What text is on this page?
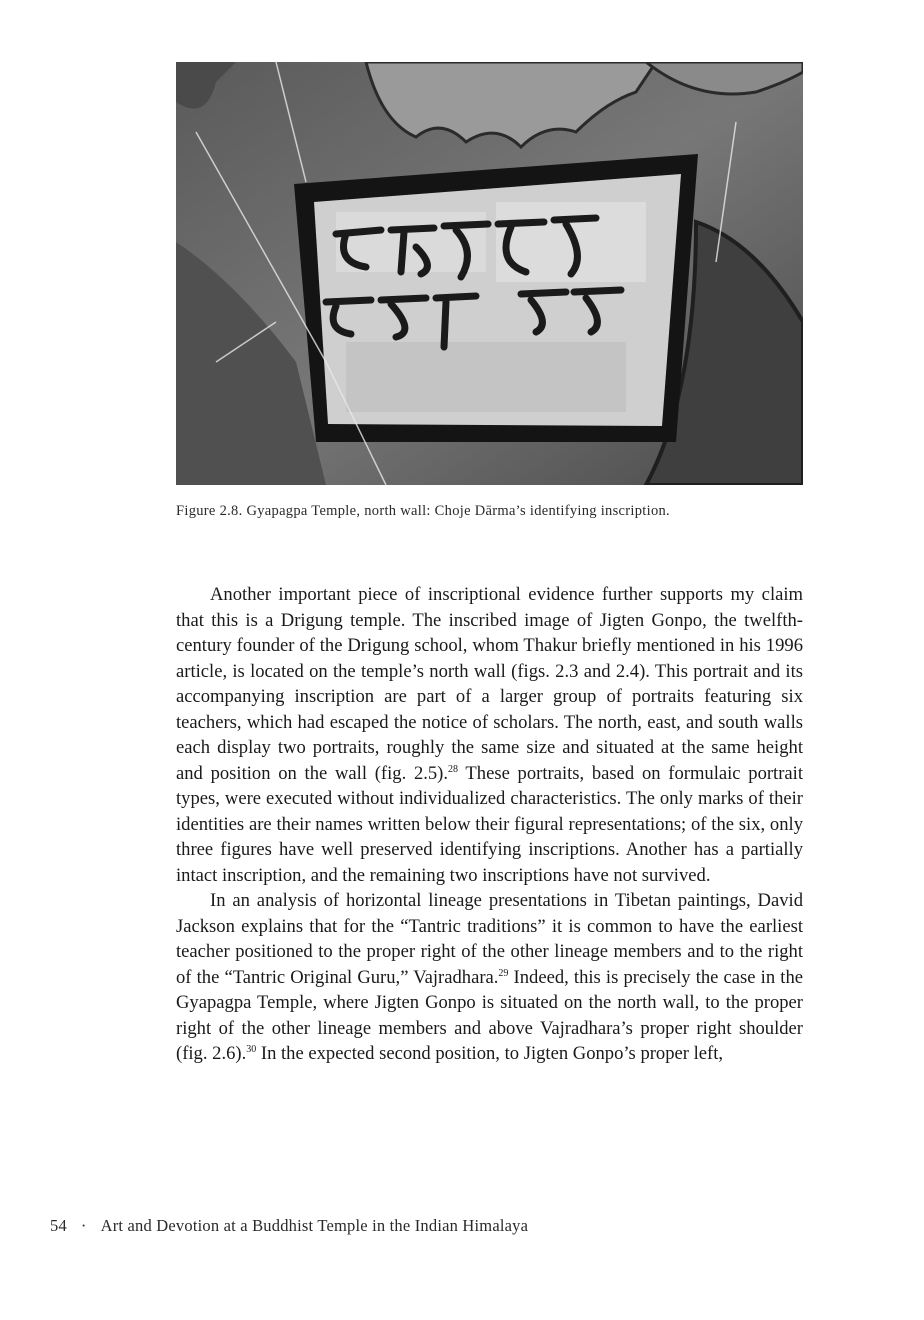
Figure 2.8. Gyapagpa Temple, north wall: Choje Dārma’s identifying inscription.

Another important piece of inscriptional evidence further supports my claim that this is a Drigung temple. The inscribed image of Jigten Gonpo, the twelfth-century founder of the Drigung school, whom Thakur briefly mentioned in his 1996 article, is located on the temple’s north wall (figs. 2.3 and 2.4). This portrait and its accompanying inscription are part of a larger group of portraits featuring six teachers, which had escaped the notice of scholars. The north, east, and south walls each display two portraits, roughly the same size and situated at the same height and position on the wall (fig. 2.5).$^{28}$ These portraits, based on formulaic portrait types, were executed without individualized characteristics. The only marks of their identities are their names written below their figural representations; of the six, only three figures have well preserved identifying inscriptions. Another has a partially intact inscription, and the remaining two inscriptions have not survived.

In an analysis of horizontal lineage presentations in Tibetan paintings, David Jackson explains that for the “Tantric traditions” it is common to have the earliest teacher positioned to the proper right of the other lineage members and to the right of the “Tantric Original Guru,” Vajradhara.$^{29}$ Indeed, this is precisely the case in the Gyapagpa Temple, where Jigten Gonpo is situated on the north wall, to the proper right of the other lineage members and above Vajradhara’s proper right shoulder (fig. 2.6).$^{30}$ In the expected second position, to Jigten Gonpo’s proper left,

54 · Art and Devotion at a Buddhist Temple in the Indian Himalaya
